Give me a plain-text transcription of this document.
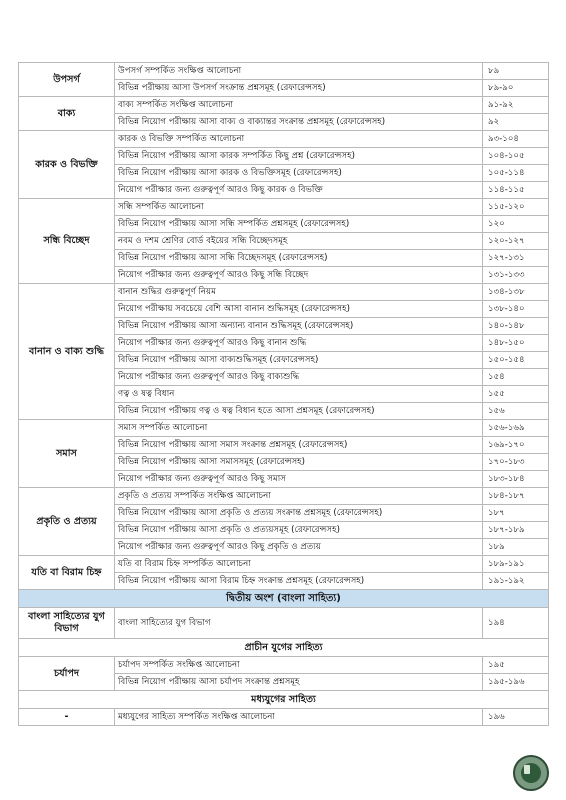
উপসর্গ	উপসর্গ সম্পর্কিত সংক্ষিপ্ত আলোচনা	৮৯
	বিভিন্ন পরীক্ষায় আসা উপসর্গ সংক্রান্ত প্রশ্নসমূহ (রেফারেন্সসহ)	৮৯-৯০
বাক্য	বাক্য সম্পর্কিত সংক্ষিপ্ত আলোচনা	৯১-৯২
	বিভিন্ন নিয়োগ পরীক্ষায় আসা বাক্য ও বাক্যান্তর সংক্রান্ত প্রশ্নসমূহ (রেফারেন্সসহ)	৯২
কারক ও বিভক্তি	কারক ও বিভক্তি সম্পর্কিত আলোচনা	৯৩-১০৪
	বিভিন্ন নিয়োগ পরীক্ষায় আসা কারক সম্পর্কিত কিছু প্রশ্ন (রেফারেন্সসহ)	১০৪-১০৫
	বিভিন্ন নিয়োগ পরীক্ষায় আসা কারক ও বিভক্তিসমূহ (রেফারেন্সসহ)	১০৫-১১৪
	নিয়োগ পরীক্ষার জন্য গুরুত্বপূর্ণ আরও কিছু কারক ও বিভক্তি	১১৪-১১৫
সন্ধি বিচ্ছেদ	সন্ধি সম্পর্কিত আলোচনা	১১৫-১২০
	বিভিন্ন নিয়োগ পরীক্ষায় আসা সন্ধি সম্পর্কিত প্রশ্নসমূহ (রেফারেন্সসহ)	১২০
	নবম ও দশম শ্রেণির বোর্ড বইয়ের সন্ধি বিচ্ছেদসমূহ	১২০-১২৭
	বিভিন্ন নিয়োগ পরীক্ষায় আসা সন্ধি বিচ্ছেদসমূহ (রেফারেন্সসহ)	১২৭-১৩১
	নিয়োগ পরীক্ষার জন্য গুরুত্বপূর্ণ আরও কিছু সন্ধি বিচ্ছেদ	১৩১-১৩৩
বানান ও বাক্য শুদ্ধি	বানান শুদ্ধির গুরুত্বপূর্ণ নিয়ম	১৩৪-১৩৮
	নিয়োগ পরীক্ষায় সবচেয়ে বেশি আসা বানান শুদ্ধিসমূহ (রেফারেন্সসহ)	১৩৮-১৪০
	বিভিন্ন নিয়োগ পরীক্ষায় আসা অন্যান্য বানান শুদ্ধিসমূহ (রেফারেন্সসহ)	১৪০-১৪৮
	নিয়োগ পরীক্ষার জন্য গুরুত্বপূর্ণ আরও কিছু বানান শুদ্ধি	১৪৮-১৫০
	বিভিন্ন নিয়োগ পরীক্ষায় আসা বাক্যশুদ্ধিসমূহ (রেফারেন্সসহ)	১৫০-১৫৪
	নিয়োগ পরীক্ষার জন্য গুরুত্বপূর্ণ আরও কিছু বাক্যশুদ্ধি	১৫৪
	ণত্ব ও ষত্ব বিধান	১৫৫
	বিভিন্ন নিয়োগ পরীক্ষায় ণত্ব ও ষত্ব বিধান হতে আসা প্রশ্নসমূহ (রেফারেন্সসহ)	১৫৬
সমাস	সমাস সম্পর্কিত আলোচনা	১৫৬-১৬৯
	বিভিন্ন নিয়োগ পরীক্ষায় আসা সমাস সংক্রান্ত প্রশ্নসমূহ (রেফারেন্সসহ)	১৬৯-১৭০
	বিভিন্ন নিয়োগ পরীক্ষায় আসা সমাসসমূহ (রেফারেন্সসহ)	১৭০-১৮৩
	নিয়োগ পরীক্ষার জন্য গুরুত্বপূর্ণ আরও কিছু সমাস	১৮৩-১৮৪
প্রকৃতি ও প্রত্যয়	প্রকৃতি ও প্রত্যয় সম্পর্কিত সংক্ষিপ্ত আলোচনা	১৮৪-১৮৭
	বিভিন্ন নিয়োগ পরীক্ষায় আসা প্রকৃতি ও প্রত্যয় সংক্রান্ত প্রশ্নসমূহ (রেফারেন্সসহ)	১৮৭
	বিভিন্ন নিয়োগ পরীক্ষায় আসা প্রকৃতি ও প্রত্যয়সমূহ (রেফারেন্সসহ)	১৮৭-১৮৯
	নিয়োগ পরীক্ষার জন্য গুরুত্বপূর্ণ আরও কিছু প্রকৃতি ও প্রত্যয়	১৮৯
যতি বা বিরাম চিহ্ন	যতি বা বিরাম চিহ্ন সম্পর্কিত আলোচনা	১৮৯-১৯১
	বিভিন্ন নিয়োগ পরীক্ষায় আসা বিরাম চিহ্ন সংক্রান্ত প্রশ্নসমূহ (রেফারেন্সসহ)	১৯১-১৯২
দ্বিতীয় অংশ (বাংলা সাহিত্য)		
বাংলা সাহিত্যের যুগ বিভাগ	বাংলা সাহিত্যের যুগ বিভাগ	১৯৪
প্রাচীন যুগের সাহিত্য		
চর্যাপদ	চর্যাপদ সম্পর্কিত সংক্ষিপ্ত আলোচনা	১৯৫
	বিভিন্ন নিয়োগ পরীক্ষায় আসা চর্যাপদ সংক্রান্ত প্রশ্নসমূহ	১৯৫-১৯৬
মধ্যযুগের সাহিত্য		
-	মধ্যযুগের সাহিত্য সম্পর্কিত সংক্ষিপ্ত আলোচনা	১৯৬
